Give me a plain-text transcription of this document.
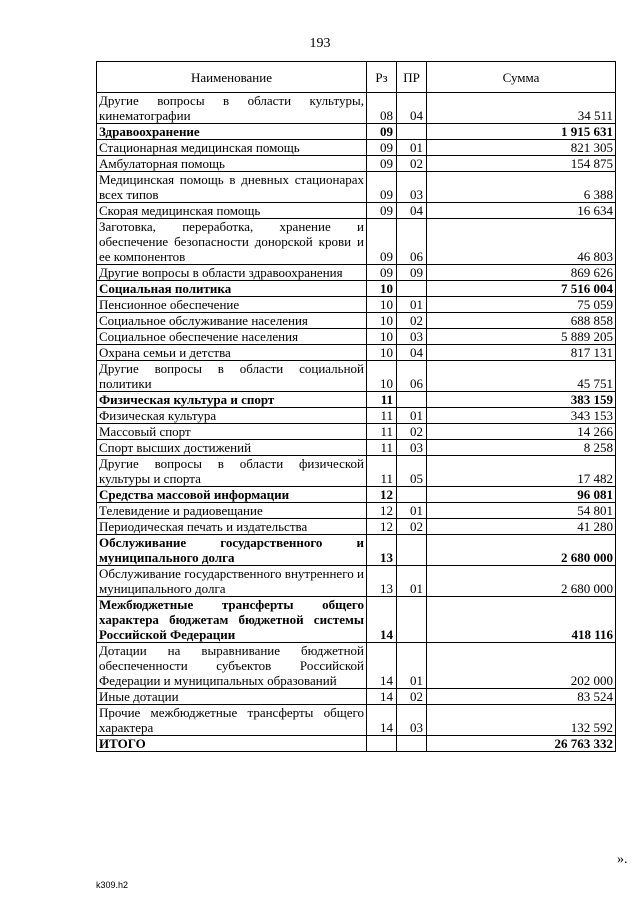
193
Наименование	Рз	ПР	Сумма
Другие вопросы в области культуры, кинематографии	08	04	34 511
Здравоохранение	09		1 915 631
Стационарная медицинская помощь	09	01	821 305
Амбулаторная помощь	09	02	154 875
Медицинская помощь в дневных стационарах всех типов	09	03	6 388
Скорая медицинская помощь	09	04	16 634
Заготовка, переработка, хранение и обеспечение безопасности донорской крови и ее компонентов	09	06	46 803
Другие вопросы в области здравоохранения	09	09	869 626
Социальная политика	10		7 516 004
Пенсионное обеспечение	10	01	75 059
Социальное обслуживание населения	10	02	688 858
Социальное обеспечение населения	10	03	5 889 205
Охрана семьи и детства	10	04	817 131
Другие вопросы в области социальной политики	10	06	45 751
Физическая культура и спорт	11		383 159
Физическая культура	11	01	343 153
Массовый спорт	11	02	14 266
Спорт высших достижений	11	03	8 258
Другие вопросы в области физической культуры и спорта	11	05	17 482
Средства массовой информации	12		96 081
Телевидение и радиовещание	12	01	54 801
Периодическая печать и издательства	12	02	41 280
Обслуживание государственного и муниципального долга	13		2 680 000
Обслуживание государственного внутреннего и муниципального долга	13	01	2 680 000
Межбюджетные трансферты общего характера бюджетам бюджетной системы Российской Федерации	14		418 116
Дотации на выравнивание бюджетной обеспеченности субъектов Российской Федерации и муниципальных образований	14	01	202 000
Иные дотации	14	02	83 524
Прочие межбюджетные трансферты общего характера	14	03	132 592
ИТОГО			26 763 332
».
k309.h2
